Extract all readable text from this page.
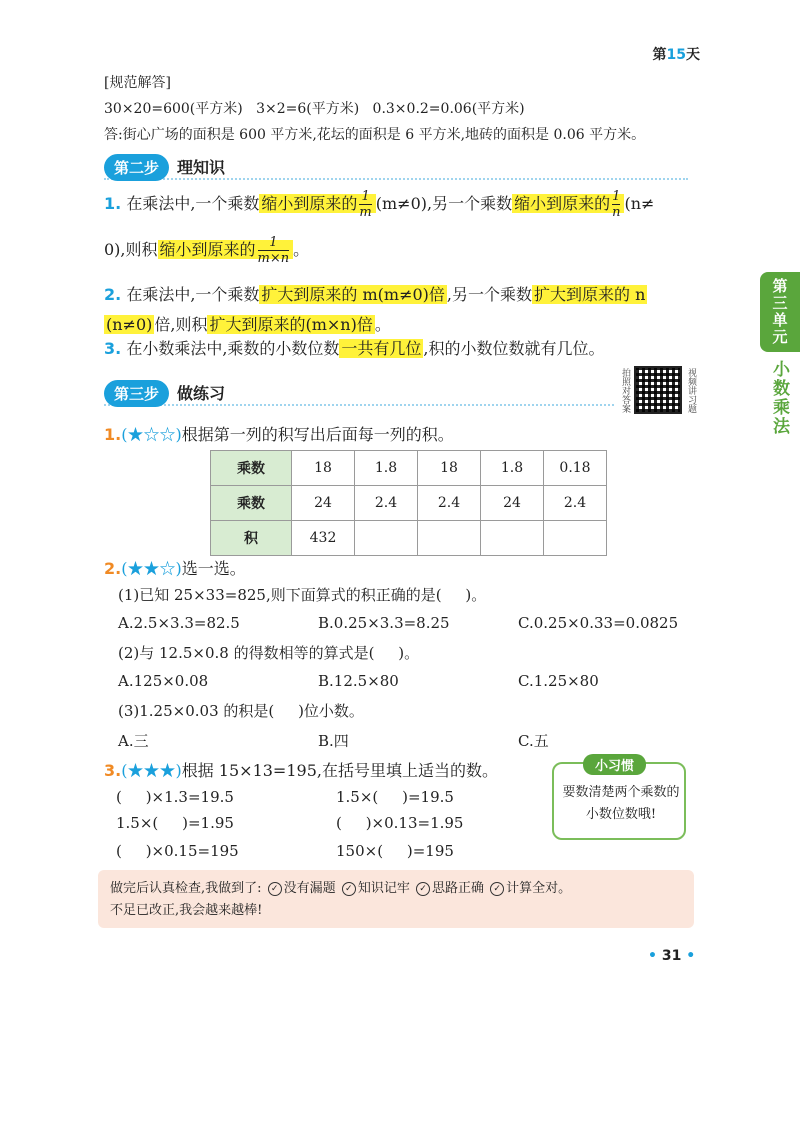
第15天
[规范解答]
30×20=600(平方米)   3×2=6(平方米)   0.3×0.2=0.06(平方米)
答:街心广场的面积是 600 平方米,花坛的面积是 6 平方米,地砖的面积是 0.06 平方米。
第二步 理知识
1. 在乘法中,一个乘数 缩小到原来的 $\frac{1}{m} (m\ne 0)$,另一个乘数 缩小到原来的 $\frac{1}{n} (n\ne$
0),则积 缩小到原来的 $\frac{1}{m\times n}$ 。
2. 在乘法中,一个乘数 扩大到原来的 m(m≠0)倍 ,另一个乘数 扩大到原来的 n
(n≠0) 倍,则积 扩大到原来的(m×n)倍 。
3. 在小数乘法中,乘数的小数位数 一共有几位 ,积的小数位数就有几位。
第三步 做练习	拍照对答案	视频讲习题
1.(★☆☆)根据第一列的积写出后面每一列的积。
乘数	18	1.8	18	1.8	0.18
乘数	24	2.4	2.4	24	2.4
积	432				
2.(★★☆)选一选。
(1)已知 25×33=825,则下面算式的积正确的是(     )。
A.2.5×3.3=82.5	B.0.25×3.3=8.25	C.0.25×0.33=0.0825
(2)与 12.5×0.8 的得数相等的算式是(     )。
A.125×0.08	B.12.5×80	C.1.25×80
(3)1.25×0.03 的积是(     )位小数。
A.三	B.四	C.五
3.(★★★)根据 15×13=195,在括号里填上适当的数。
(     )×1.3=19.5
1.5×(     )=1.95
(     )×0.15=195
1.5×(     )=19.5
(     )×0.13=1.95
150×(     )=195
小习惯
要数清楚两个乘数的小数位数哦!
做完后认真检查,我做到了: ✓ 没有漏题 ✓ 知识记牢 ✓ 思路正确 ✓ 计算全对。
不足已改正,我会越来越棒!
第三单元
小数乘法
• 31 •
